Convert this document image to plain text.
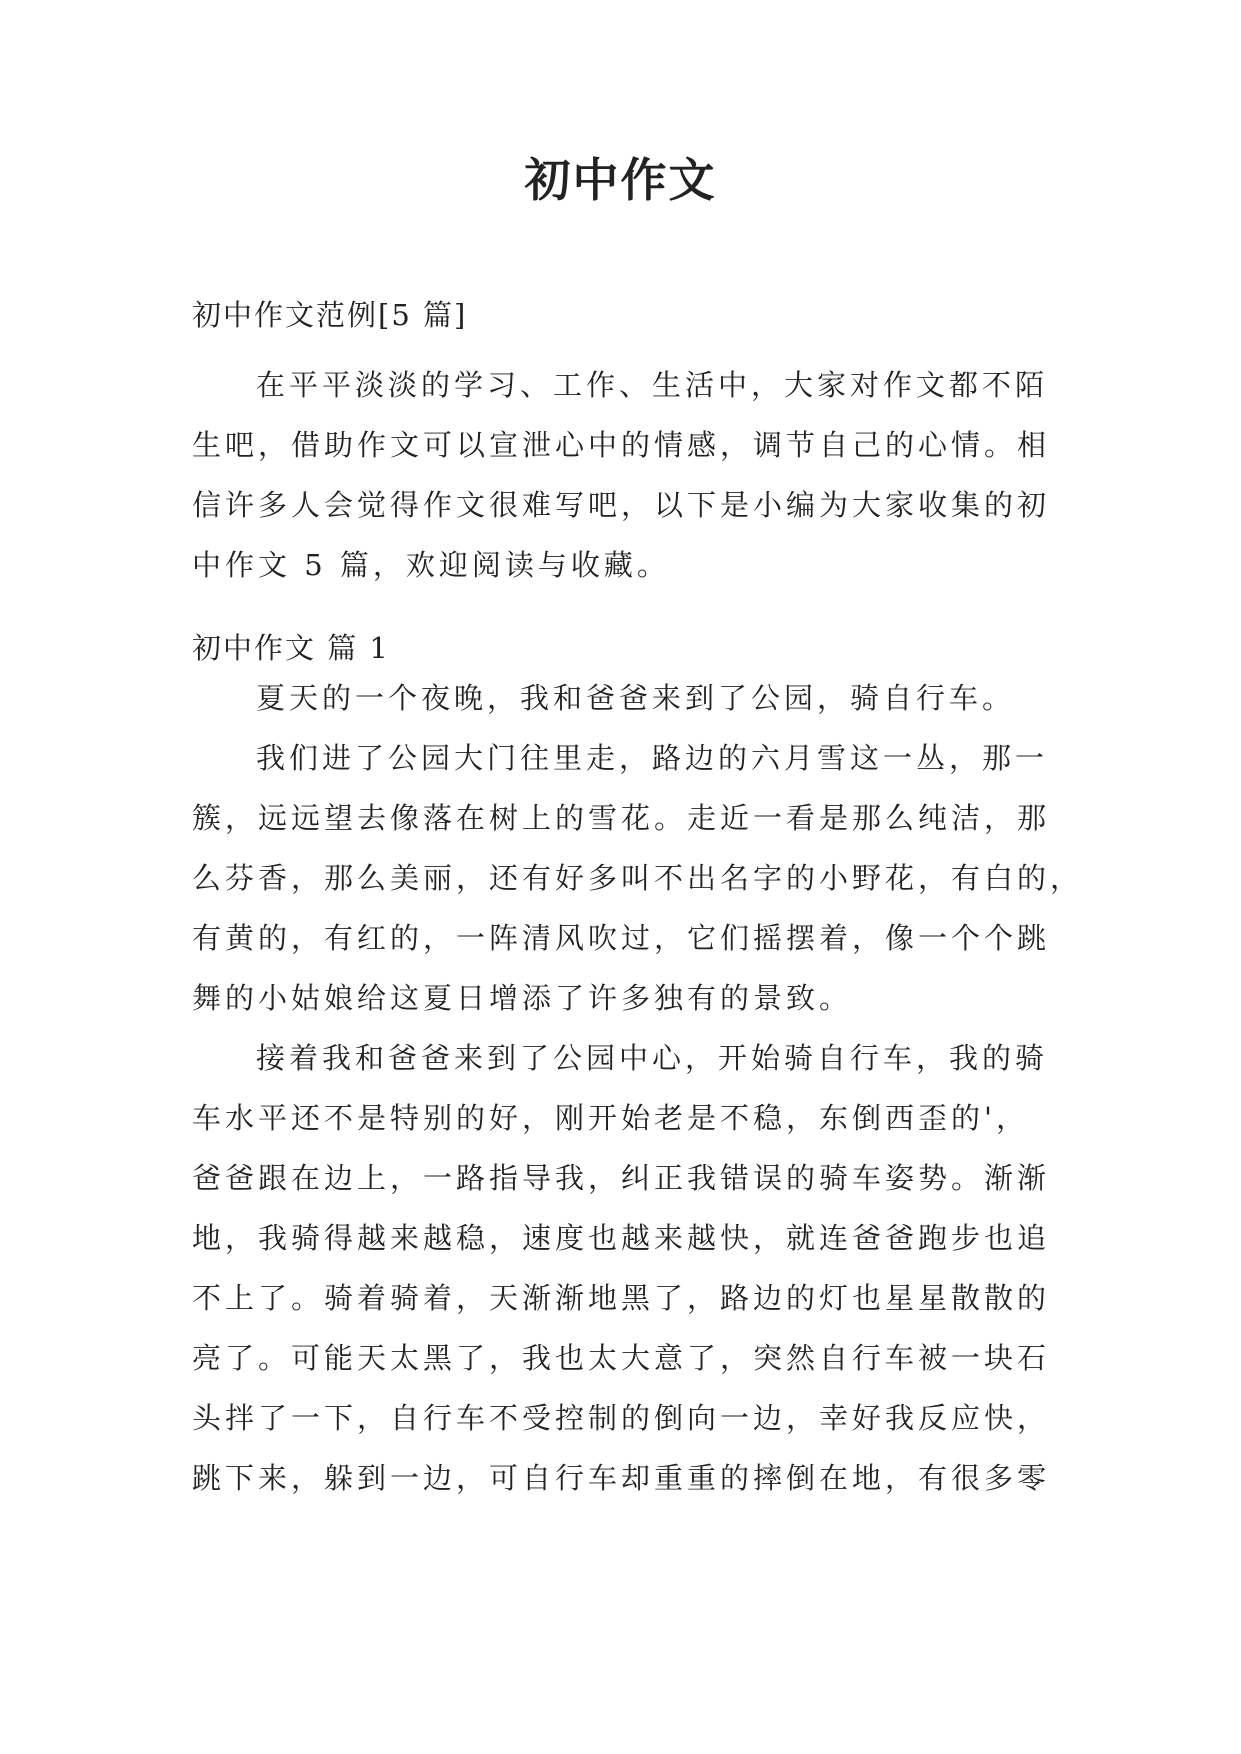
初中作文

初中作文范例[5 篇]

在平平淡淡的学习、工作、生活中，大家对作文都不陌
生吧，借助作文可以宣泄心中的情感，调节自己的心情。相
信许多人会觉得作文很难写吧，以下是小编为大家收集的初
中作文 5 篇，欢迎阅读与收藏。

初中作文 篇 1

夏天的一个夜晚，我和爸爸来到了公园，骑自行车。
我们进了公园大门往里走，路边的六月雪这一丛，那一
簇，远远望去像落在树上的雪花。走近一看是那么纯洁，那
么芬香，那么美丽，还有好多叫不出名字的小野花，有白的，
有黄的，有红的，一阵清风吹过，它们摇摆着，像一个个跳
舞的小姑娘给这夏日增添了许多独有的景致。
接着我和爸爸来到了公园中心，开始骑自行车，我的骑
车水平还不是特别的好，刚开始老是不稳，东倒西歪的'，
爸爸跟在边上，一路指导我，纠正我错误的骑车姿势。渐渐
地，我骑得越来越稳，速度也越来越快，就连爸爸跑步也追
不上了。骑着骑着，天渐渐地黑了，路边的灯也星星散散的
亮了。可能天太黑了，我也太大意了，突然自行车被一块石
头拌了一下，自行车不受控制的倒向一边，幸好我反应快，
跳下来，躲到一边，可自行车却重重的摔倒在地，有很多零
